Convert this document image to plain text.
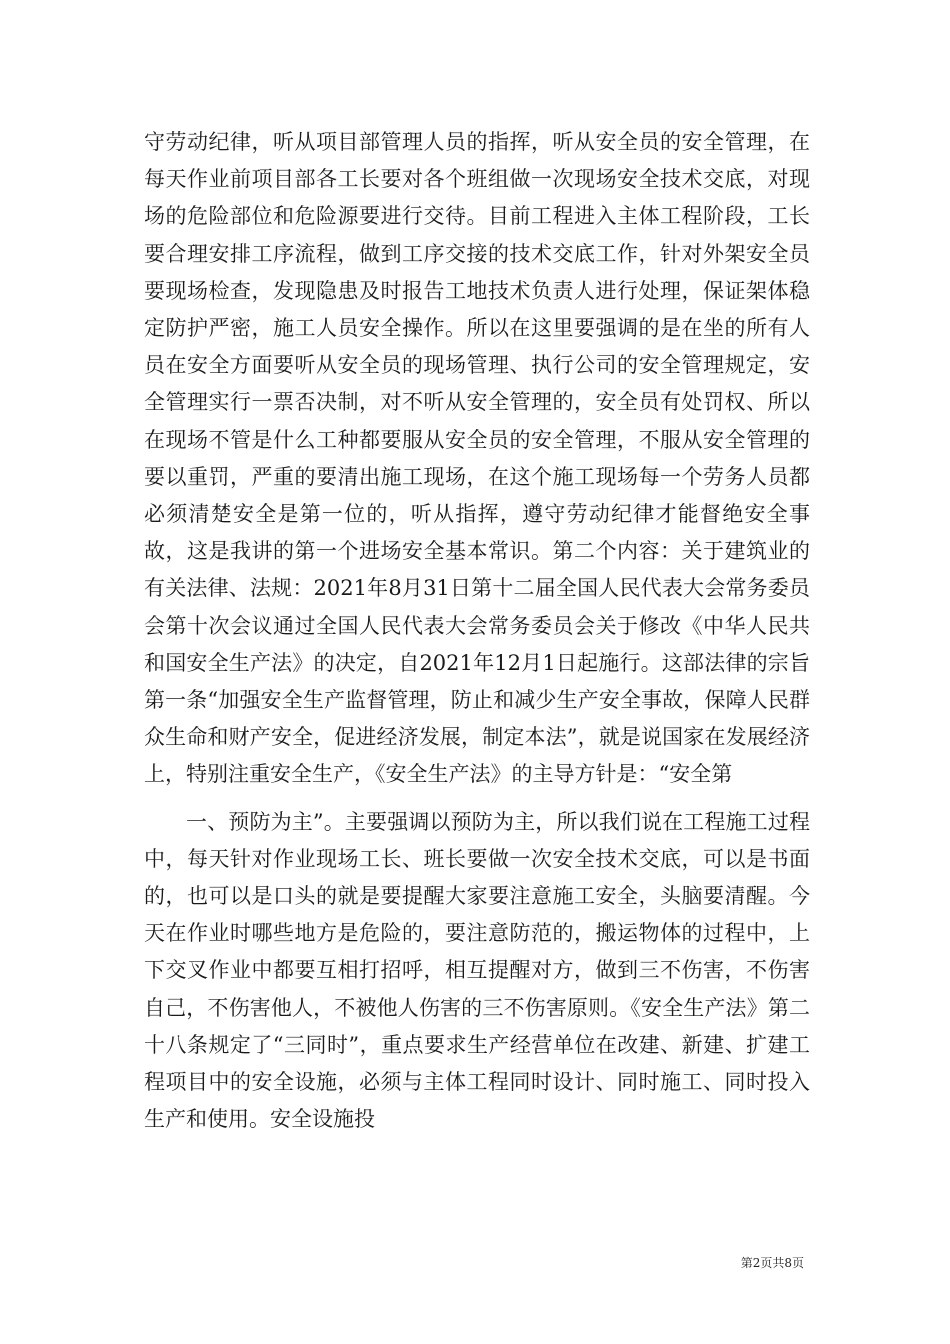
守劳动纪律，听从项目部管理人员的指挥，听从安全员的安全管理，在每天作业前项目部各工长要对各个班组做一次现场安全技术交底，对现场的危险部位和危险源要进行交待。目前工程进入主体工程阶段，工长要合理安排工序流程，做到工序交接的技术交底工作，针对外架安全员要现场检查，发现隐患及时报告工地技术负责人进行处理，保证架体稳定防护严密，施工人员安全操作。所以在这里要强调的是在坐的所有人员在安全方面要听从安全员的现场管理、执行公司的安全管理规定，安全管理实行一票否决制，对不听从安全管理的，安全员有处罚权、所以在现场不管是什么工种都要服从安全员的安全管理，不服从安全管理的要以重罚，严重的要清出施工现场，在这个施工现场每一个劳务人员都必须清楚安全是第一位的，听从指挥，遵守劳动纪律才能督绝安全事故，这是我讲的第一个进场安全基本常识。第二个内容：关于建筑业的有关法律、法规：2021年8月31日第十二届全国人民代表大会常务委员会第十次会议通过全国人民代表大会常务委员会关于修改《中华人民共和国安全生产法》的决定，自2021年12月1日起施行。这部法律的宗旨第一条“加强安全生产监督管理，防止和减少生产安全事故，保障人民群众生命和财产安全，促进经济发展，制定本法”，就是说国家在发展经济上，特别注重安全生产，《安全生产法》的主导方针是：“安全第

一、预防为主”。主要强调以预防为主，所以我们说在工程施工过程中，每天针对作业现场工长、班长要做一次安全技术交底，可以是书面的，也可以是口头的就是要提醒大家要注意施工安全，头脑要清醒。今天在作业时哪些地方是危险的，要注意防范的，搬运物体的过程中，上下交叉作业中都要互相打招呼，相互提醒对方，做到三不伤害，不伤害自己，不伤害他人，不被他人伤害的三不伤害原则。《安全生产法》第二十八条规定了“三同时”，重点要求生产经营单位在改建、新建、扩建工程项目中的安全设施，必须与主体工程同时设计、同时施工、同时投入生产和使用。安全设施投

第2页共8页
